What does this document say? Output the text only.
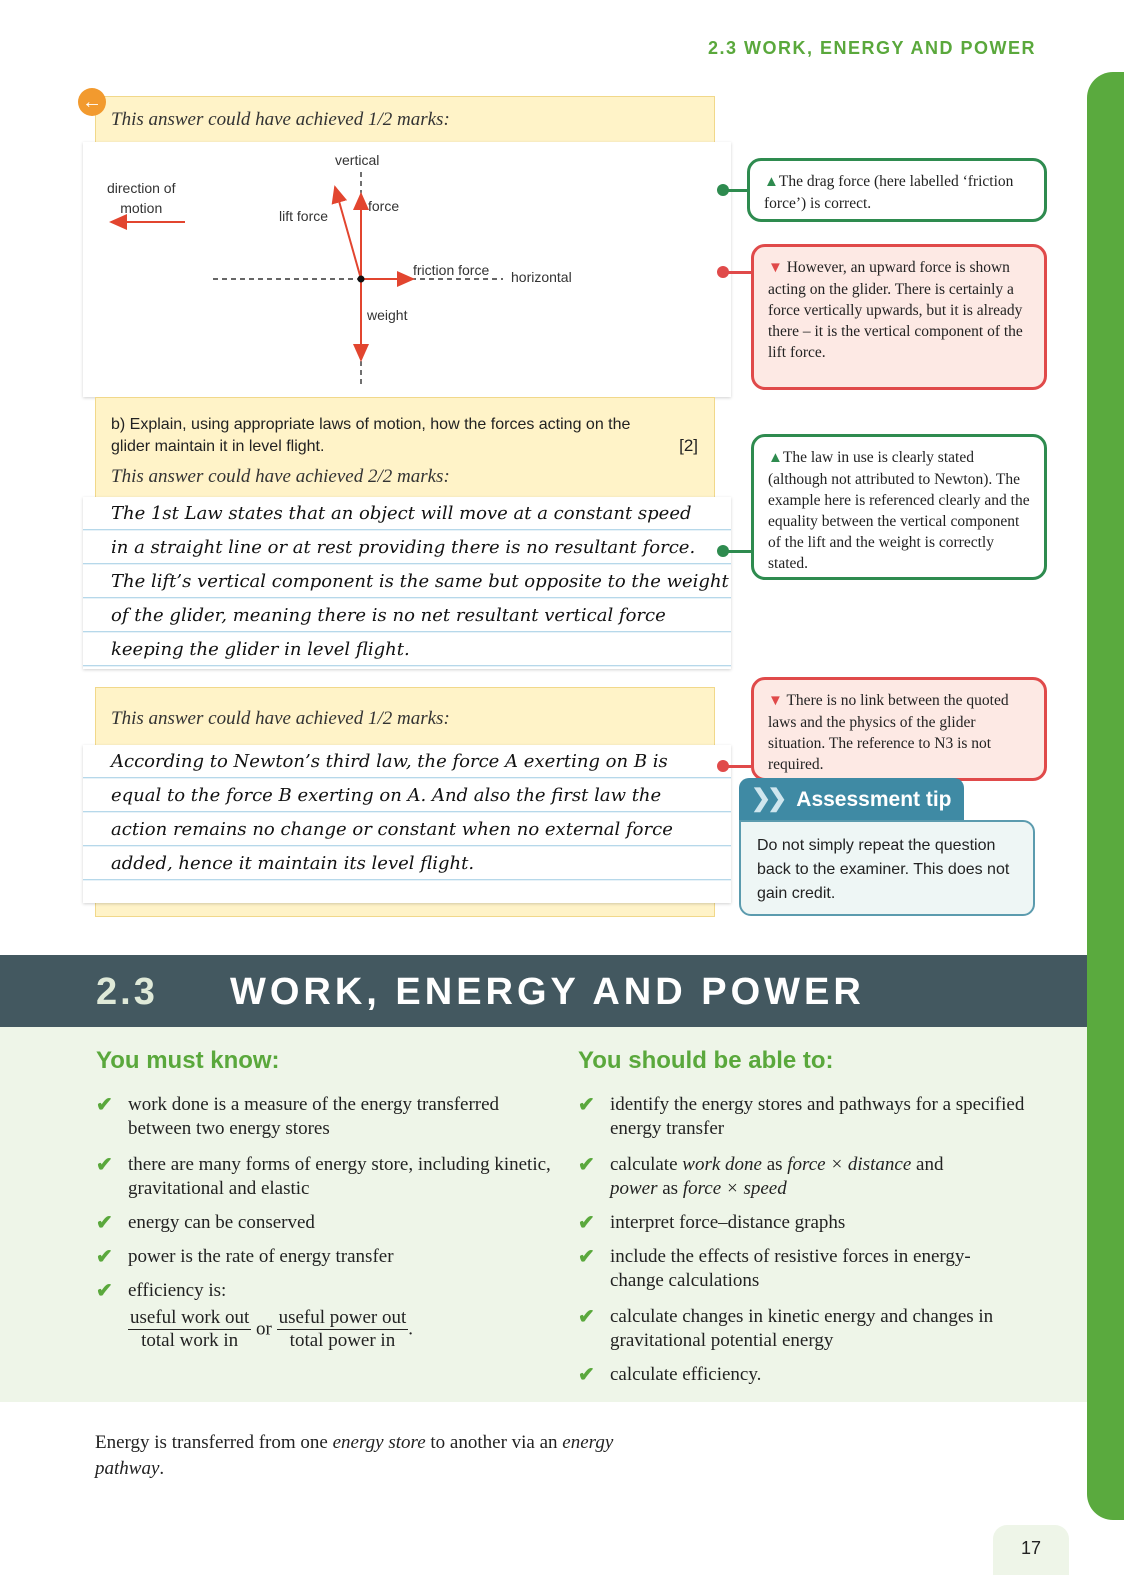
2.3 WORK, ENERGY AND POWER
This answer could have achieved 1/2 marks:
←
vertical
direction of
motion	lift force
force
friction force horizontal
weight
b) Explain, using appropriate laws of motion, how the forces acting on the glider maintain it in level flight.	[2]
This answer could have achieved 2/2 marks:
The 1st Law states that an object will move at a constant speed
in a straight line or at rest providing there is no resultant force.
The lift’s vertical component is the same but opposite to the weight
of the glider, meaning there is no net resultant vertical force
keeping the glider in level flight.
This answer could have achieved 1/2 marks:
According to Newton’s third law, the force A exerting on B is
equal to the force B exerting on A. And also the first law the
action remains no change or constant when no external force
added, hence it maintain its level flight.
▲The drag force (here labelled ‘friction force’) is correct.
▼ However, an upward force is shown acting on the glider. There is certainly a force vertically upwards, but it is already there – it is the vertical component of the lift force.
▲The law in use is clearly stated (although not attributed to Newton). The example here is referenced clearly and the equality between the vertical component of the lift and the weight is correctly stated.
▼ There is no link between the quoted laws and the physics of the glider situation. The reference to N3 is not required.
❯❯ Assessment tip
Do not simply repeat the question back to the examiner. This does not gain credit.
2.3 WORK, ENERGY AND POWER
You must know:	You should be able to:
✔ work done is a measure of the energy transferred between two energy stores
✔ there are many forms of energy store, including kinetic, gravitational and elastic
✔ energy can be conserved
✔ power is the rate of energy transfer
✔ efficiency is:
$\frac{\text{useful work out}}{\text{total work in}}$ or $\frac{\text{useful power out}}{\text{total power in}}$ .
✔ identify the energy stores and pathways for a specified energy transfer
✔ calculate work done as force × distance and
power as force × speed
✔ interpret force–distance graphs
✔ include the effects of resistive forces in energy-change calculations
✔ calculate changes in kinetic energy and changes in gravitational potential energy
✔ calculate efficiency.
Energy is transferred from one energy store to another via an energy
pathway.
17
